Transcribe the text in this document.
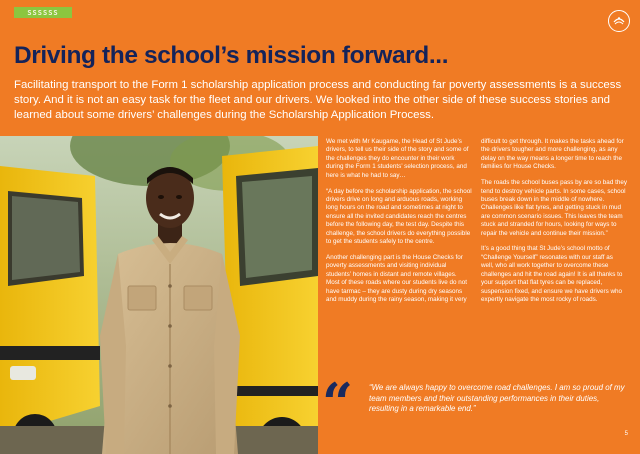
SSSSSS
Driving the school’s mission forward...

Facilitating transport to the Form 1 scholarship application process and conducting far poverty assessments is a success story. And it is not an easy task for the fleet and our drivers. We looked into the other side of these success stories and learned about some drivers’ challenges during the Scholarship Application Process.

We met with Mr Kaugame, the Head of St Jude’s drivers, to tell us their side of the story and some of the challenges they do encounter in their work during the Form 1 students’ selection process, and here is what he had to say…

“A day before the scholarship application, the school drivers drive on long and arduous roads, working long hours on the road and sometimes at night to ensure all the invited candidates reach the centres before the following day, the test day. Despite this challenge, the school drivers do everything possible to get the students safely to the centre.

Another challenging part is the House Checks for poverty assessments and visiting individual students’ homes in distant and remote villages. Most of these roads where our students live do not have tarmac – they are dusty during dry seasons and muddy during the rainy season, making it very

difficult to get through. It makes the tasks ahead for the drivers tougher and more challenging, as any delay on the way means a longer time to reach the families for House Checks.

The roads the school buses pass by are so bad they tend to destroy vehicle parts. In some cases, school buses break down in the middle of nowhere. Challenges like flat tyres, and getting stuck in mud are common scenario issues. This leaves the team stuck and stranded for hours, looking for ways to repair the vehicle and continue their mission.”

It’s a good thing that St Jude’s school motto of “Challenge Yourself” resonates with our staff as well, who all work together to overcome these challenges and hit the road again! It is all thanks to your support that flat tyres can be replaced, suspension fixed, and ensure we have drivers who expertly navigate the most rocky of roads.

“ “We are always happy to overcome road challenges. I am so proud of my team members and their outstanding performances in their duties, resulting in a remarkable end.”

5
